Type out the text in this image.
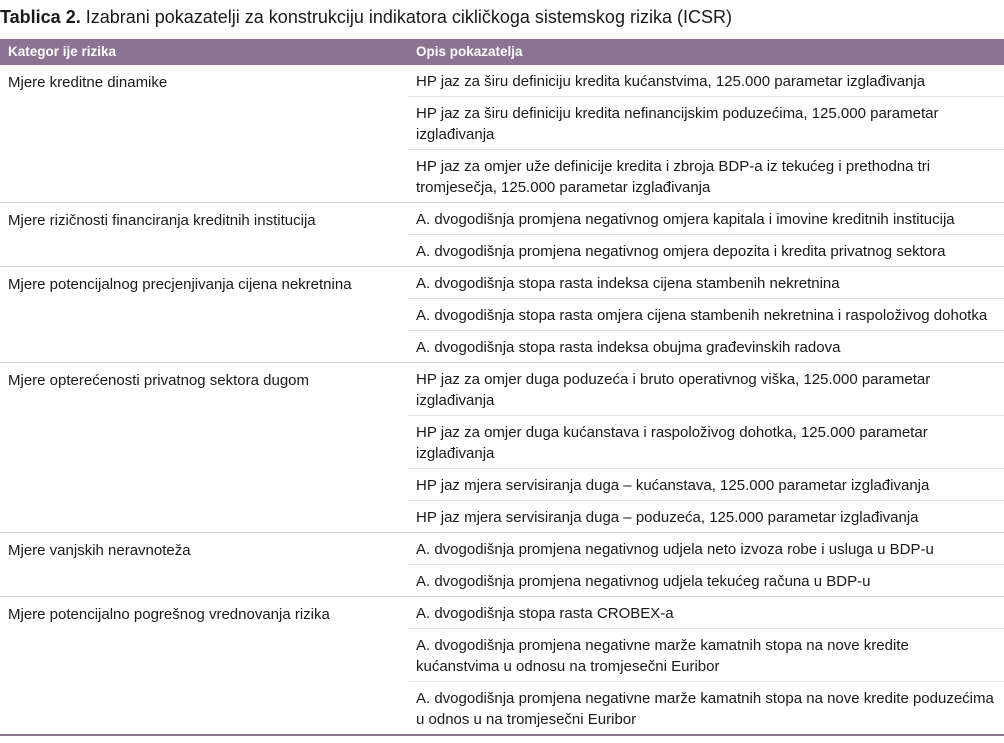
Tablica 2. Izabrani pokazatelji za konstrukciju indikatora cikličkoga sistemskog rizika (ICSR)
Kategor ije rizika	Opis pokazatelja
Mjere kreditne dinamike	HP jaz za širu definiciju kredita kućanstvima, 125.000 parametar izglađivanja
HP jaz za širu definiciju kredita nefinancijskim poduzećima, 125.000 parametar izglađivanja
HP jaz za omjer uže definicije kredita i zbroja BDP-a iz tekućeg i prethodna tri tromjesečja, 125.000 parametar izglađivanja
Mjere rizičnosti financiranja kreditnih institucija	A. dvogodišnja promjena negativnog omjera kapitala i imovine kreditnih institucija
A. dvogodišnja promjena negativnog omjera depozita i kredita privatnog sektora
Mjere potencijalnog precjenjivanja cijena nekretnina	A. dvogodišnja stopa rasta indeksa cijena stambenih nekretnina
A. dvogodišnja stopa rasta omjera cijena stambenih nekretnina i raspoloživog dohotka
A. dvogodišnja stopa rasta indeksa obujma građevinskih radova
Mjere opterećenosti privatnog sektora dugom	HP jaz za omjer duga poduzeća i bruto operativnog viška, 125.000 parametar izglađivanja
HP jaz za omjer duga kućanstava i raspoloživog dohotka, 125.000 parametar izglađivanja
HP jaz mjera servisiranja duga – kućanstava, 125.000 parametar izglađivanja
HP jaz mjera servisiranja duga – poduzeća, 125.000 parametar izglađivanja
Mjere vanjskih neravnoteža	A. dvogodišnja promjena negativnog udjela neto izvoza robe i usluga u BDP-u
A. dvogodišnja promjena negativnog udjela tekućeg računa u BDP-u
Mjere potencijalno pogrešnog vrednovanja rizika	A. dvogodišnja stopa rasta CROBEX-a
A. dvogodišnja promjena negativne marže kamatnih stopa na nove kredite kućanstvima u odnosu na tromjesečni Euribor
A. dvogodišnja promjena negativne marže kamatnih stopa na nove kredite poduzećima u odnos u na tromjesečni Euribor
